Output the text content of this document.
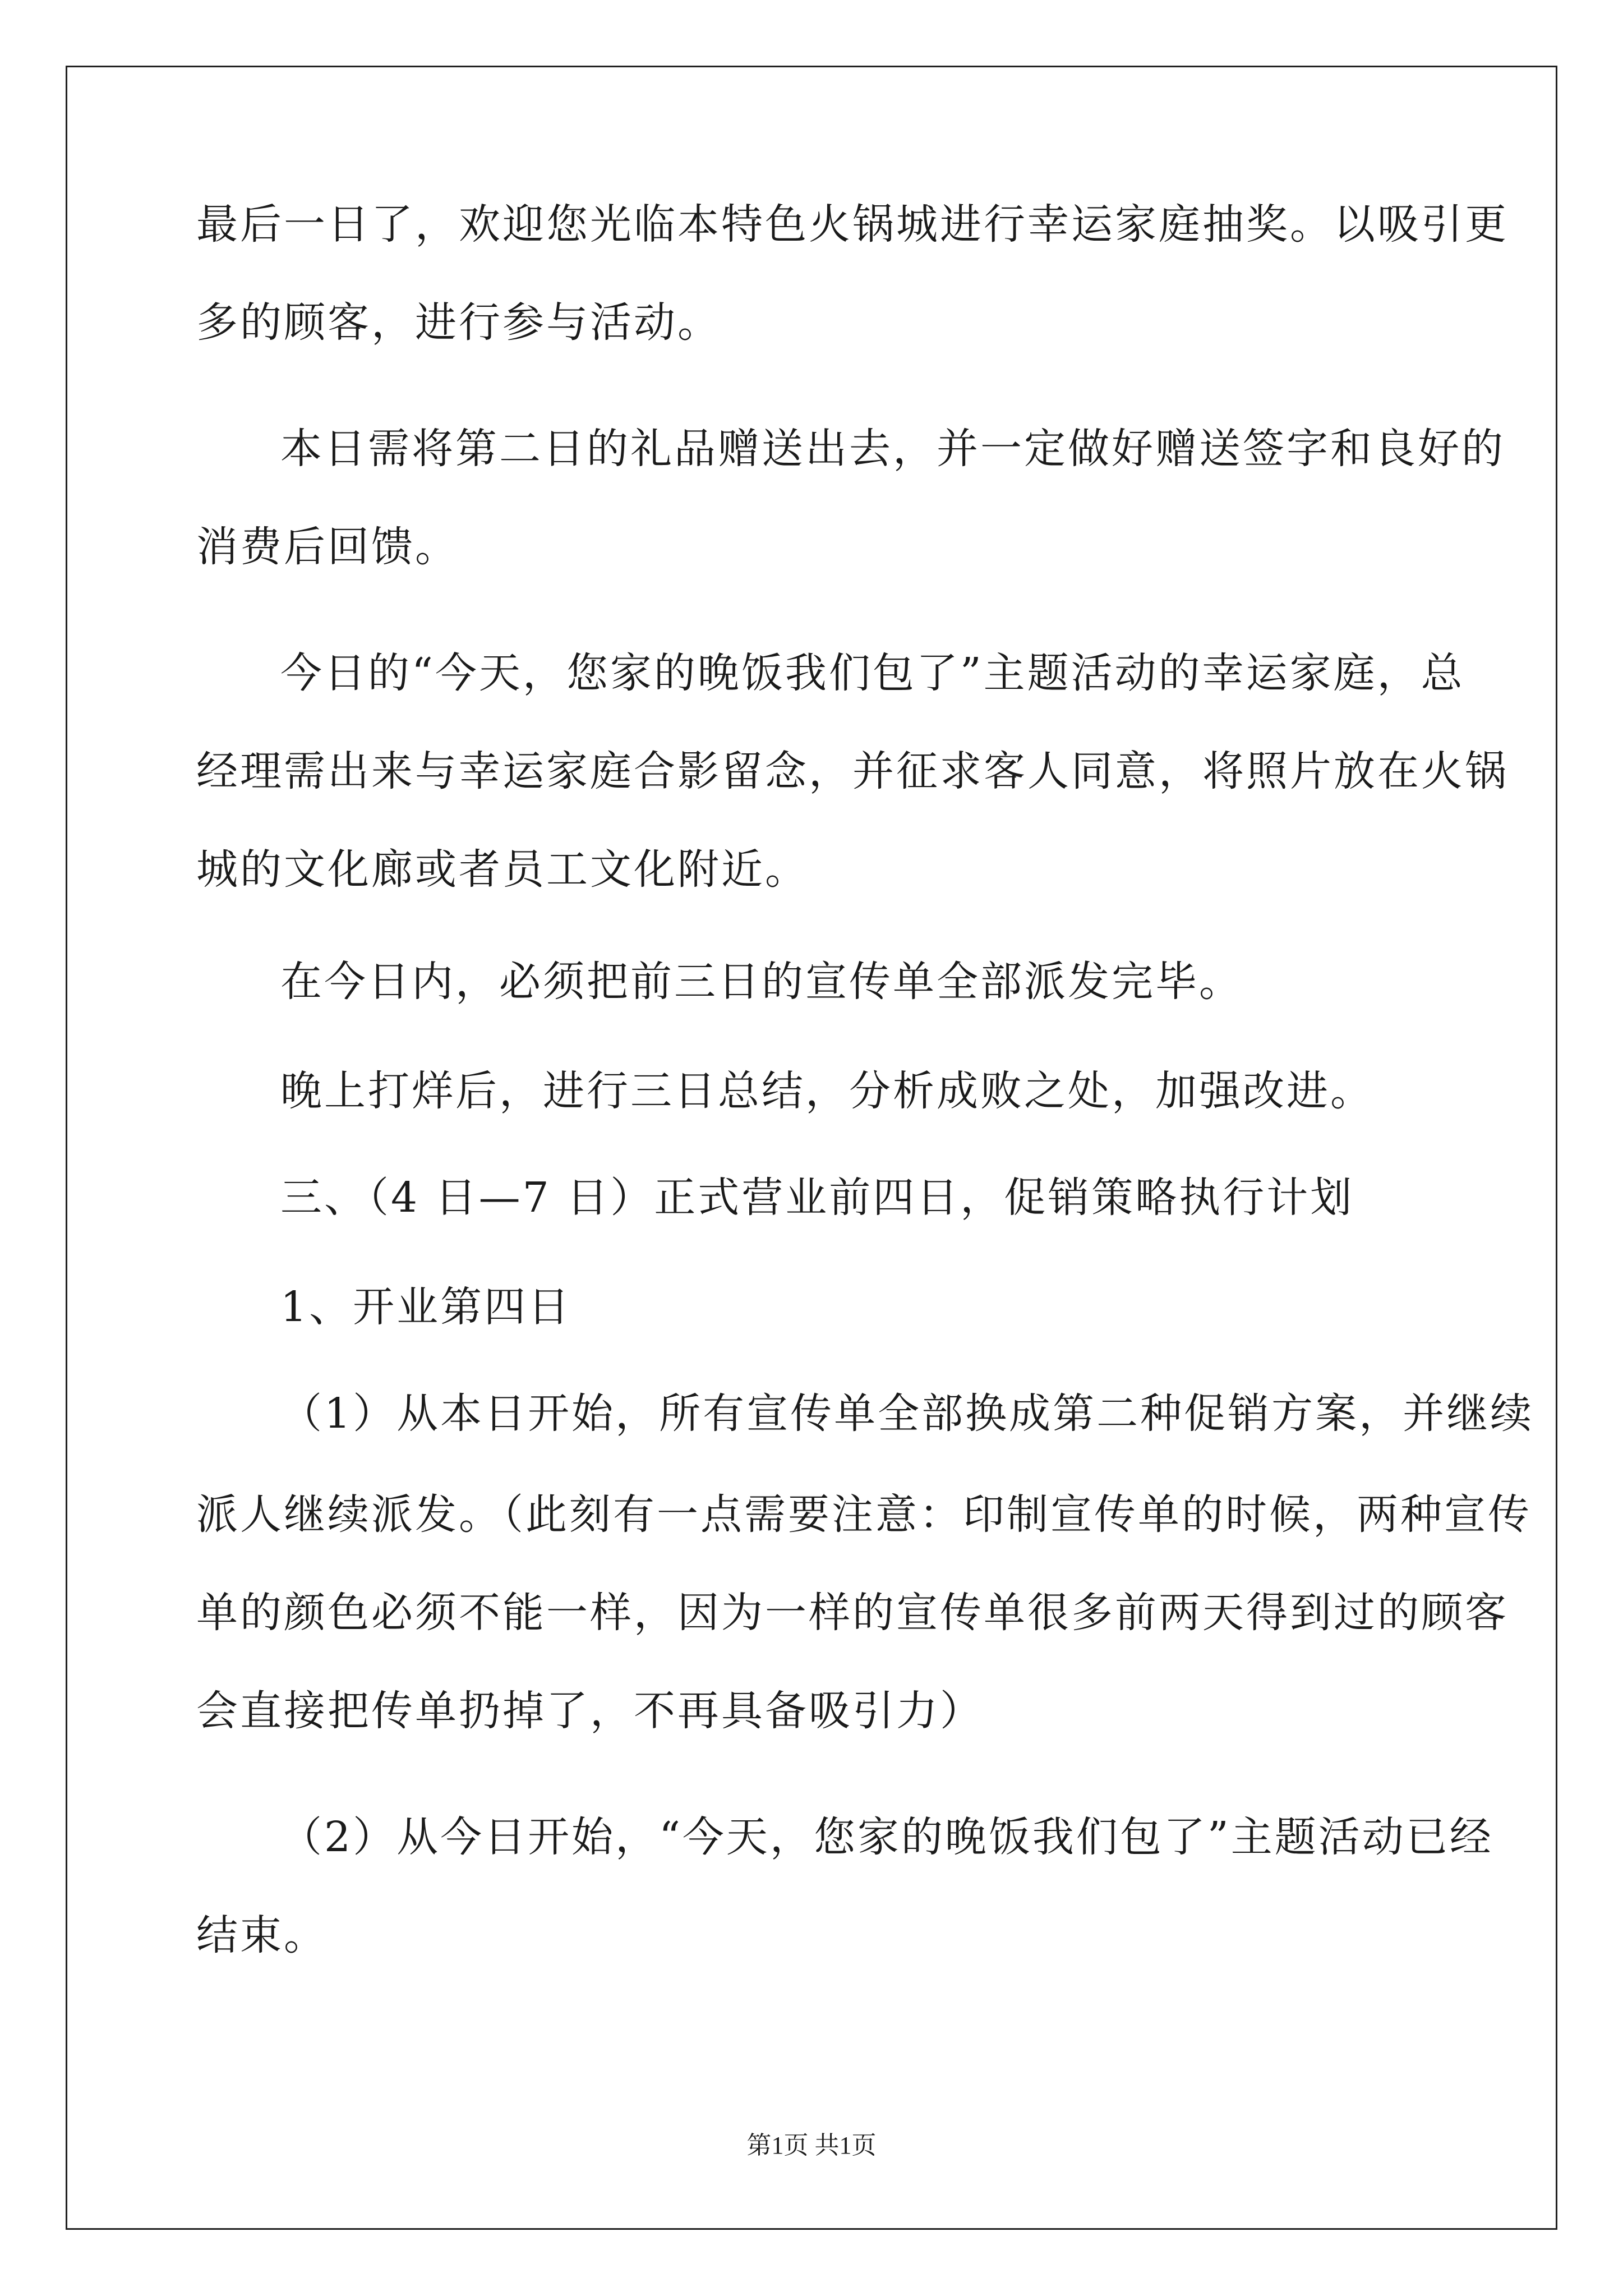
最后一日了，欢迎您光临本特色火锅城进行幸运家庭抽奖。以吸引更
多的顾客，进行参与活动。
本日需将第二日的礼品赠送出去，并一定做好赠送签字和良好的
消费后回馈。
今日的“今天，您家的晚饭我们包了”主题活动的幸运家庭，总
经理需出来与幸运家庭合影留念，并征求客人同意，将照片放在火锅
城的文化廊或者员工文化附近。
在今日内，必须把前三日的宣传单全部派发完毕。
晚上打烊后，进行三日总结，分析成败之处，加强改进。
三、（4 日—7 日）正式营业前四日，促销策略执行计划
1、开业第四日
（1）从本日开始，所有宣传单全部换成第二种促销方案，并继续
派人继续派发。（此刻有一点需要注意：印制宣传单的时候，两种宣传
单的颜色必须不能一样，因为一样的宣传单很多前两天得到过的顾客
会直接把传单扔掉了，不再具备吸引力）
（2）从今日开始，“今天，您家的晚饭我们包了”主题活动已经
结束。
第1页 共1页
